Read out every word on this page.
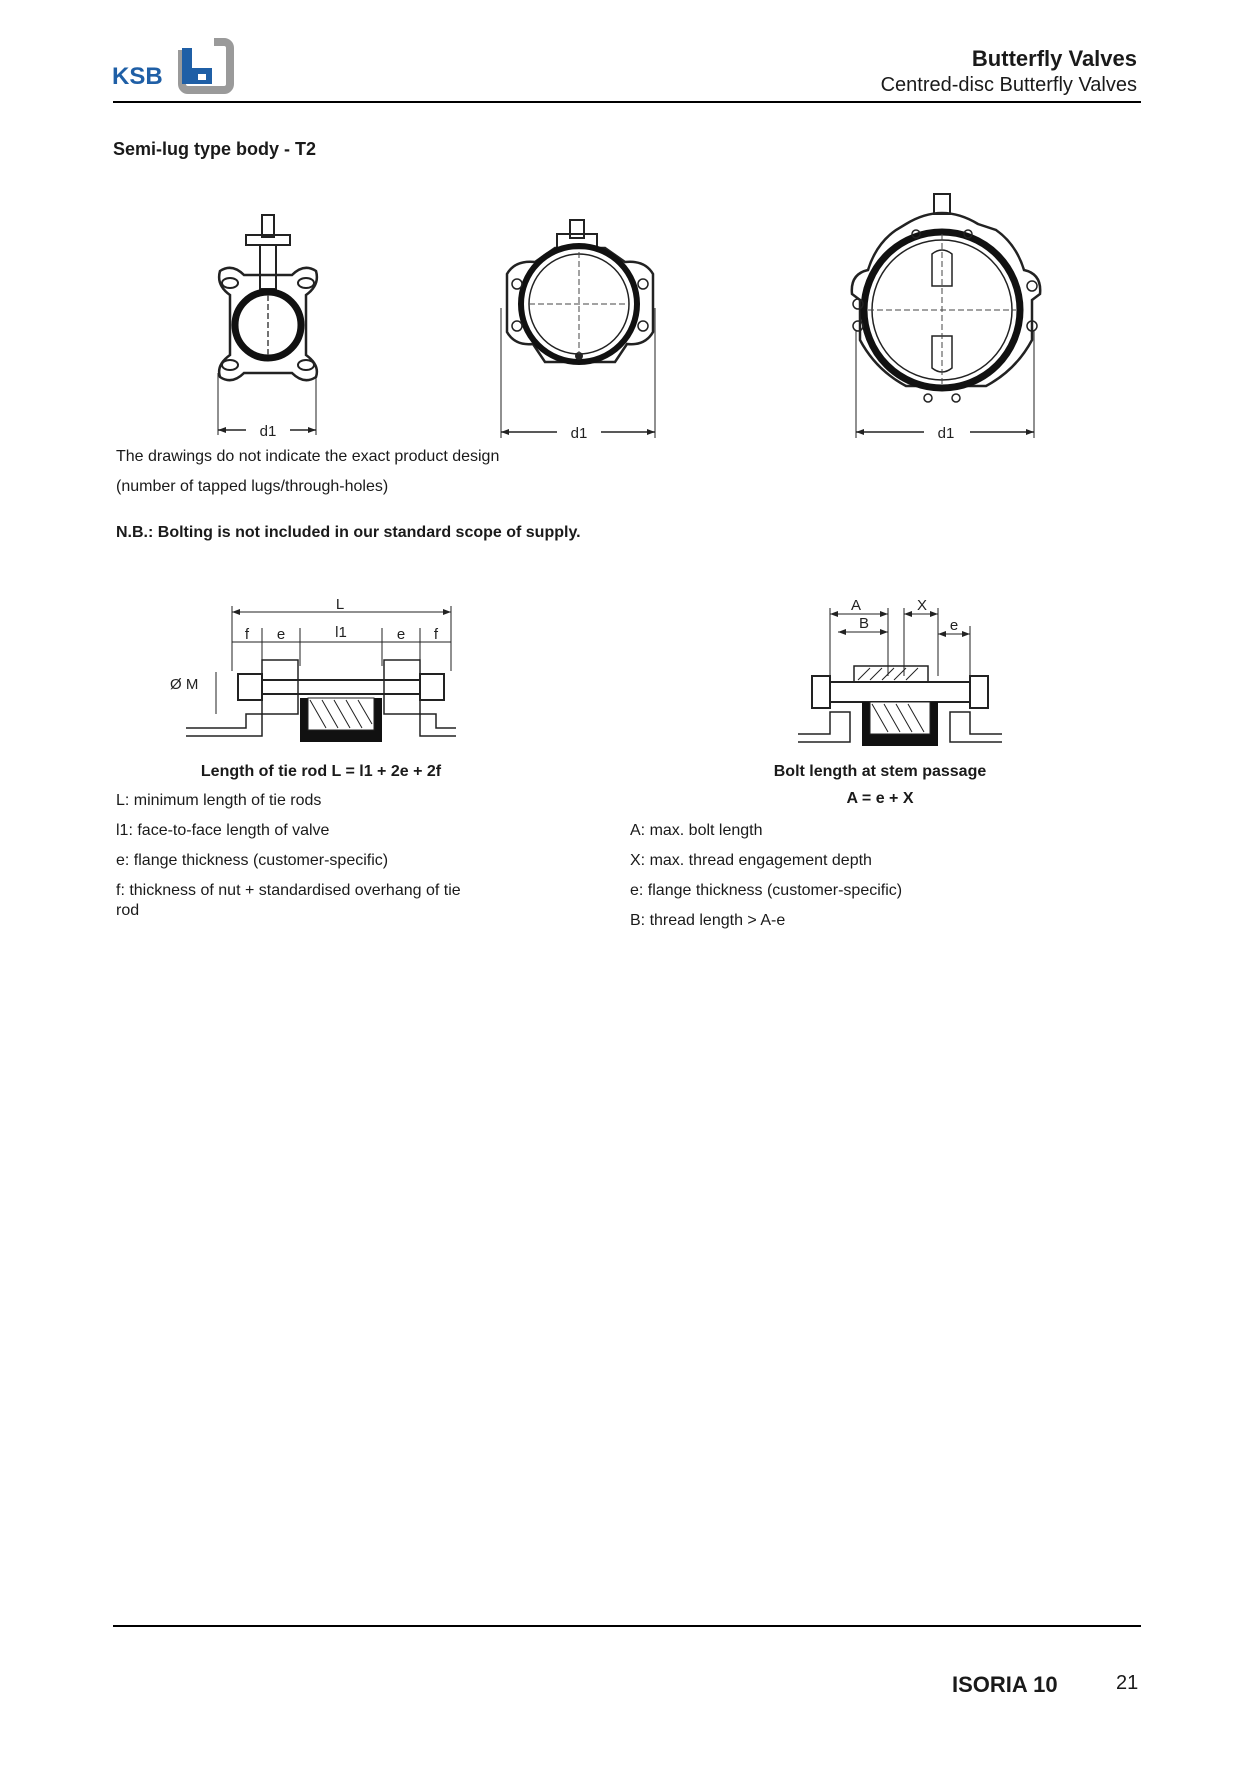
KSB
Butterfly Valves
Centred-disc Butterfly Valves
Semi-lug type body - T2
d1	d1	d1
The drawings do not indicate the exact product design
(number of tapped lugs/through-holes)
N.B.: Bolting is not included in our standard scope of supply.
L
f e	l1	e f
Ø M
Length of tie rod L = l1 + 2e + 2f
L: minimum length of tie rods
l1: face-to-face length of valve
e: flange thickness (customer-specific)
f: thickness of nut + standardised overhang of tie
rod
A
B
X
e
Bolt length at stem passage
A = e + X
A: max. bolt length
X: max. thread engagement depth
e: flange thickness (customer-specific)
B: thread length > A-e
ISORIA 10	21
